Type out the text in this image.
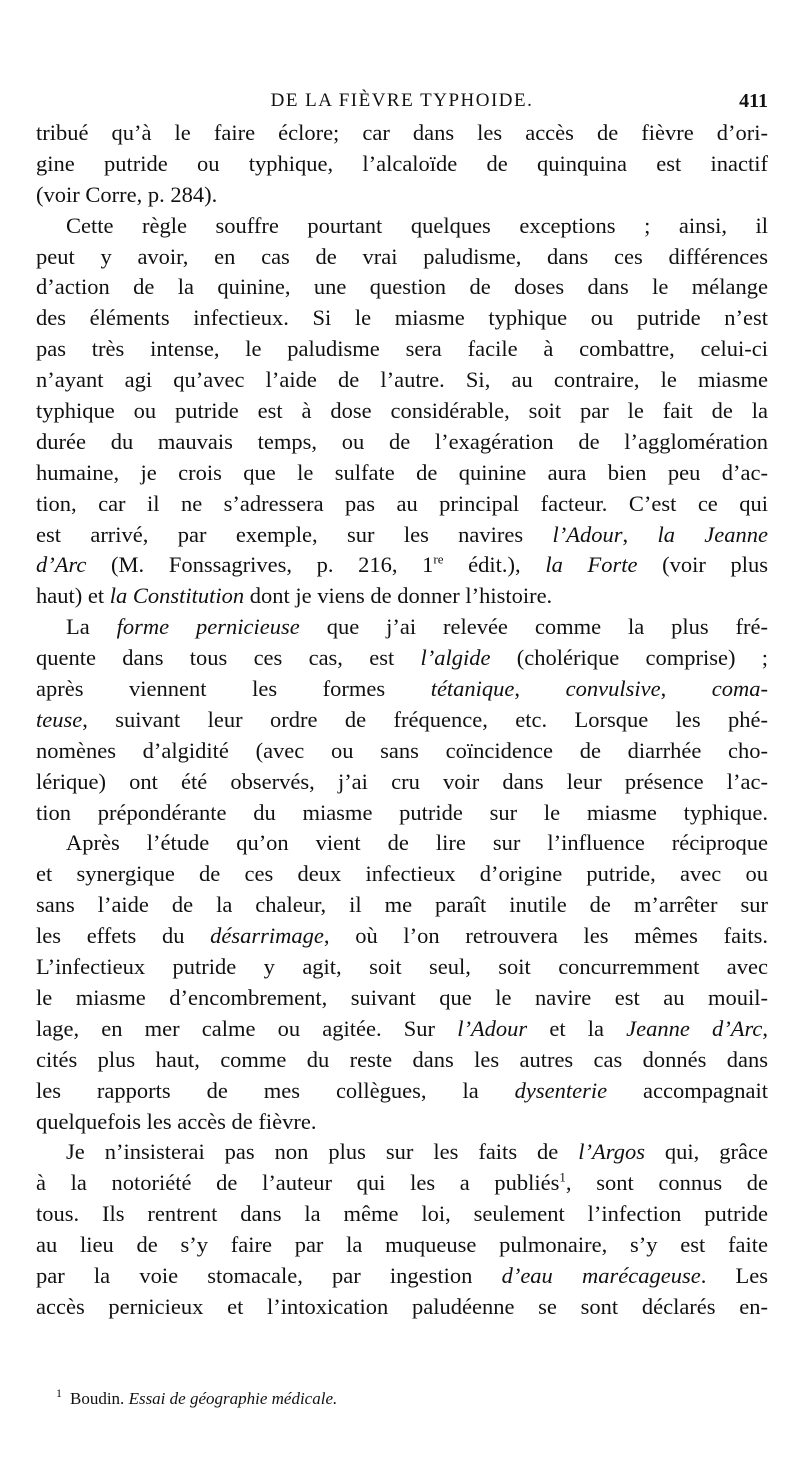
DE LA FIÈVRE TYPHOIDE.	411
tribué qu’à le faire éclore; car dans les accès de fièvre d’ori-
gine putride ou typhique, l’alcaloïde de quinquina est inactif
(voir Corre, p. 284).
Cette règle souffre pourtant quelques exceptions ; ainsi, il
peut y avoir, en cas de vrai paludisme, dans ces différences
d’action de la quinine, une question de doses dans le mélange
des éléments infectieux. Si le miasme typhique ou putride n’est
pas très intense, le paludisme sera facile à combattre, celui-ci
n’ayant agi qu’avec l’aide de l’autre. Si, au contraire, le miasme
typhique ou putride est à dose considérable, soit par le fait de la
durée du mauvais temps, ou de l’exagération de l’agglomération
humaine, je crois que le sulfate de quinine aura bien peu d’ac-
tion, car il ne s’adressera pas au principal facteur. C’est ce qui
est arrivé, par exemple, sur les navires l’Adour, la Jeanne
d’Arc (M. Fonssagrives, p. 216, 1re édit.), la Forte (voir plus
haut) et la Constitution dont je viens de donner l’histoire.
La forme pernicieuse que j’ai relevée comme la plus fré-
quente dans tous ces cas, est l’algide (cholérique comprise) ;
après viennent les formes tétanique, convulsive, coma-
teuse, suivant leur ordre de fréquence, etc. Lorsque les phé-
nomènes d’algidité (avec ou sans coïncidence de diarrhée cho-
lérique) ont été observés, j’ai cru voir dans leur présence l’ac-
tion prépondérante du miasme putride sur le miasme typhique.
Après l’étude qu’on vient de lire sur l’influence réciproque
et synergique de ces deux infectieux d’origine putride, avec ou
sans l’aide de la chaleur, il me paraît inutile de m’arrêter sur
les effets du désarrimage, où l’on retrouvera les mêmes faits.
L’infectieux putride y agit, soit seul, soit concurremment avec
le miasme d’encombrement, suivant que le navire est au mouil-
lage, en mer calme ou agitée. Sur l’Adour et la Jeanne d’Arc,
cités plus haut, comme du reste dans les autres cas donnés dans
les rapports de mes collègues, la dysenterie accompagnait
quelquefois les accès de fièvre.
Je n’insisterai pas non plus sur les faits de l’Argos qui, grâce
à la notoriété de l’auteur qui les a publiés$^1$, sont connus de
tous. Ils rentrent dans la même loi, seulement l’infection putride
au lieu de s’y faire par la muqueuse pulmonaire, s’y est faite
par la voie stomacale, par ingestion d’eau marécageuse. Les
accès pernicieux et l’intoxication paludéenne se sont déclarés en-
$^1$ Boudin. Essai de géographie médicale.
